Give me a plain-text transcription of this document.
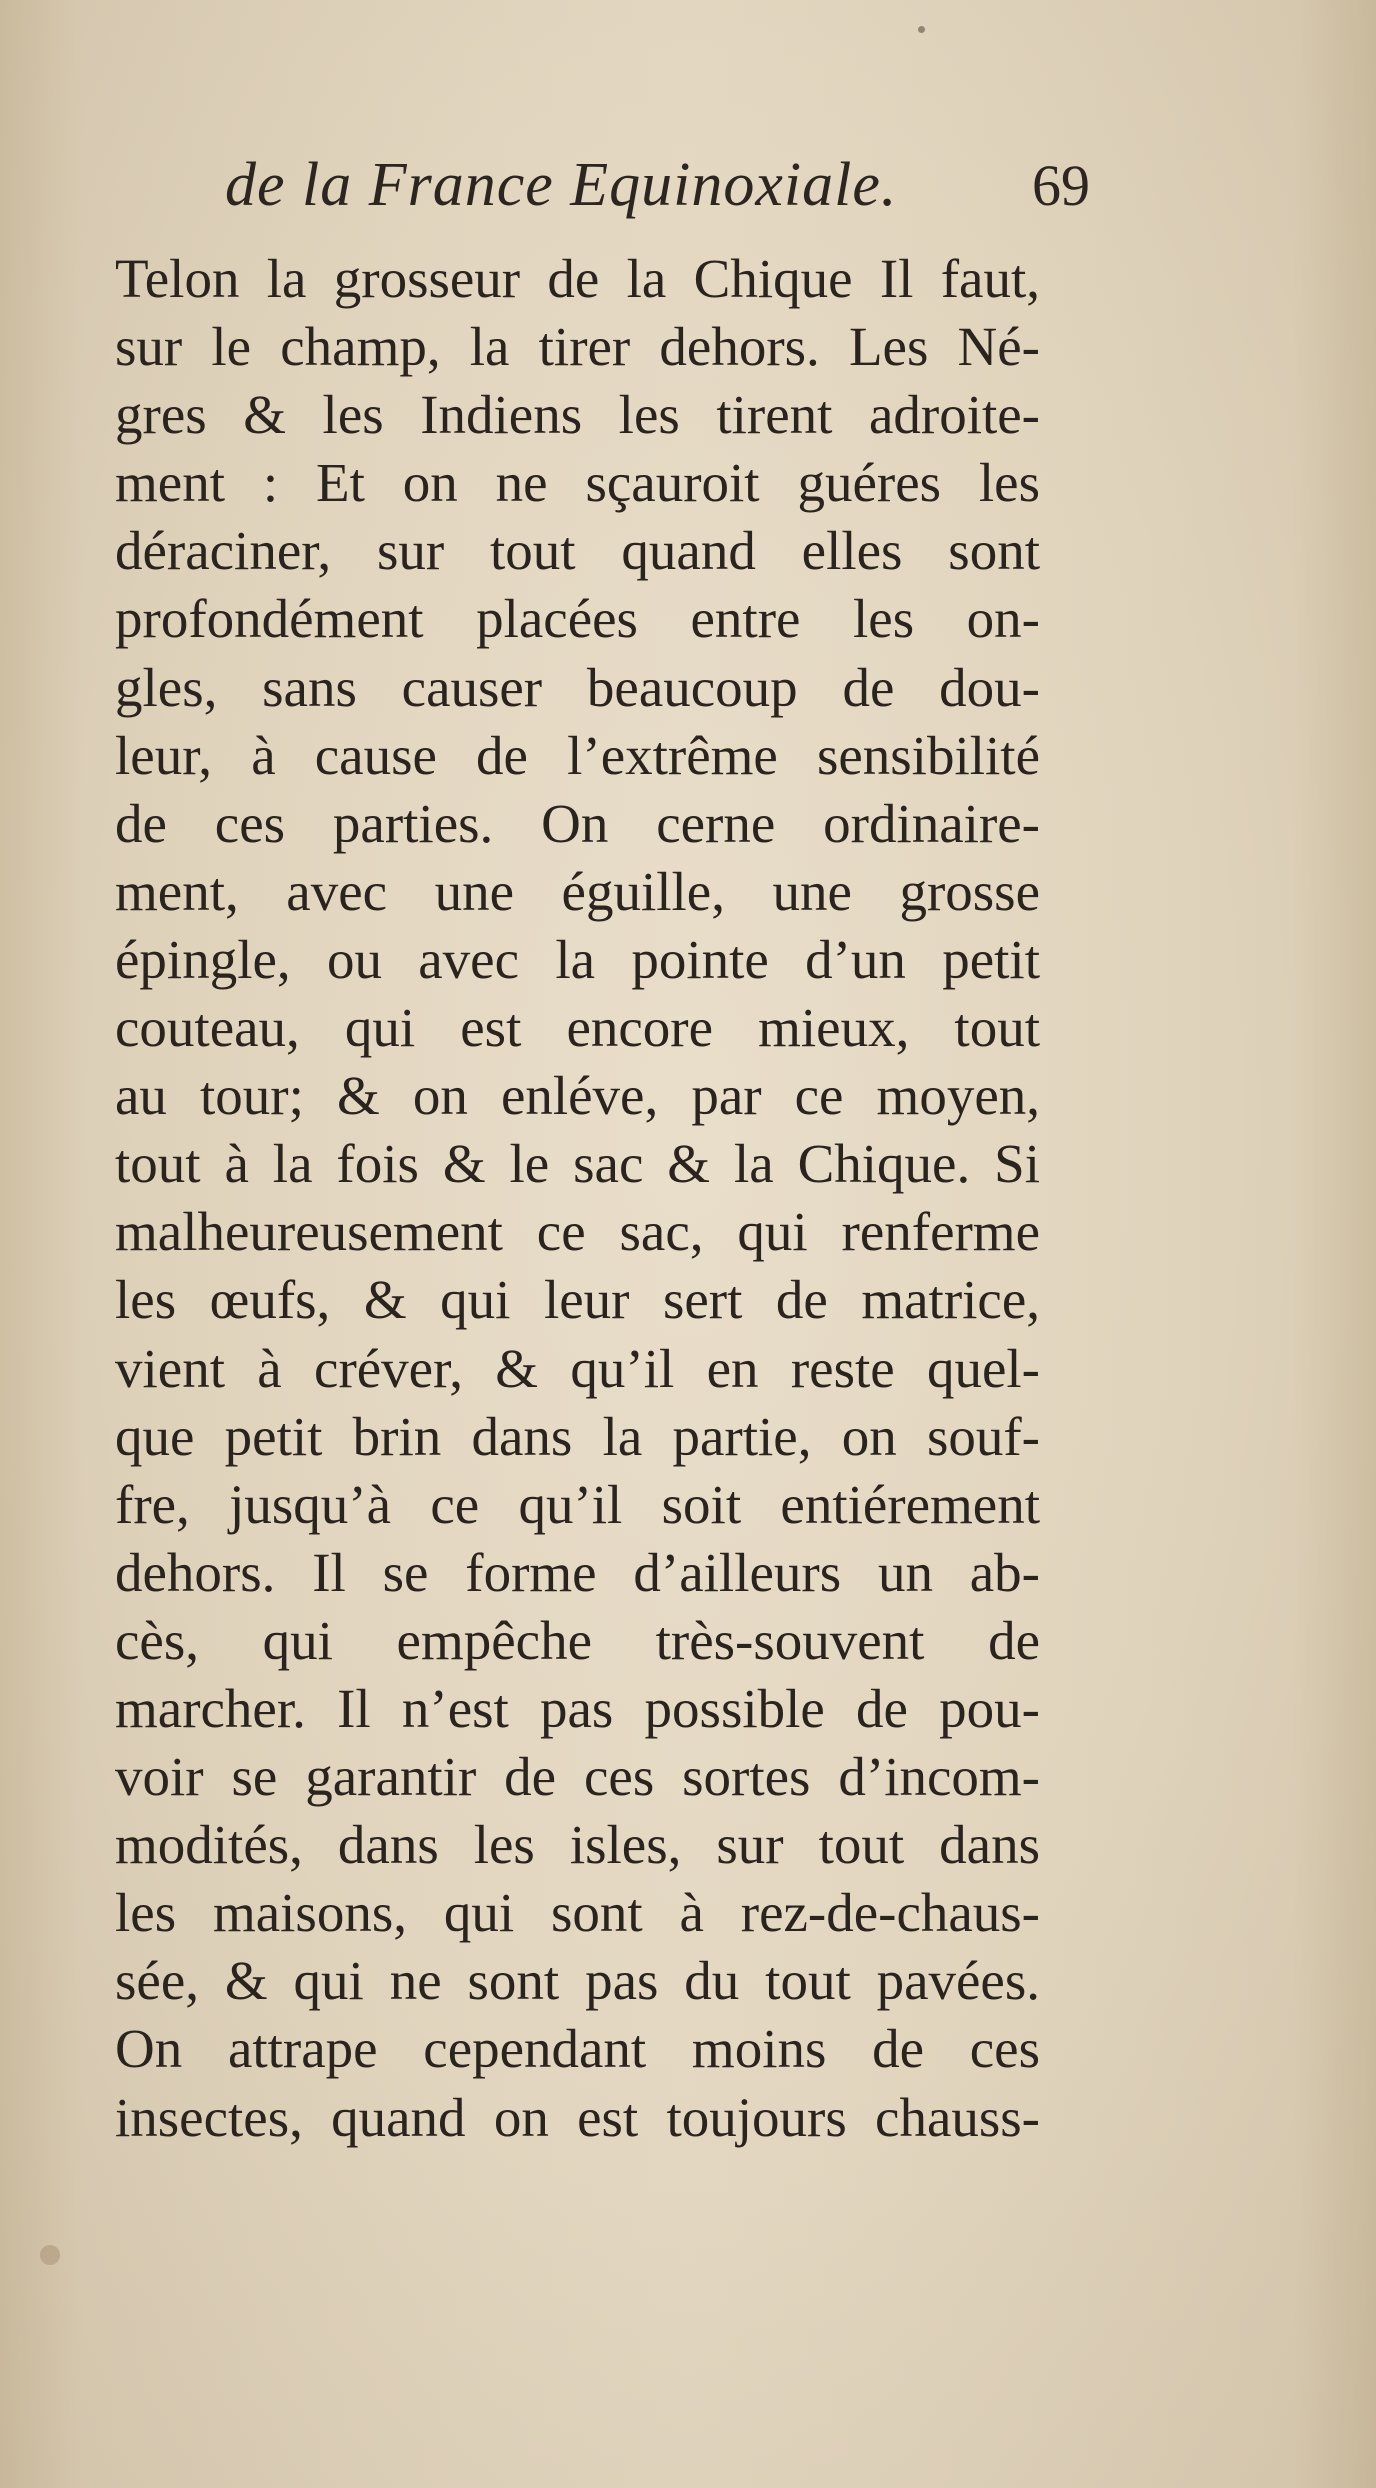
de la France Equinoxiale. 69
Telon la grosseur de la Chique Il faut,
sur le champ, la tirer dehors. Les Né-
gres & les Indiens les tirent adroite-
ment : Et on ne sçauroit guéres les
déraciner, sur tout quand elles sont
profondément placées entre les on-
gles, sans causer beaucoup de dou-
leur, à cause de l’extrême sensibilité
de ces parties. On cerne ordinaire-
ment, avec une éguille, une grosse
épingle, ou avec la pointe d’un petit
couteau, qui est encore mieux, tout
au tour; & on enléve, par ce moyen,
tout à la fois & le sac & la Chique. Si
malheureusement ce sac, qui renferme
les œufs, & qui leur sert de matrice,
vient à créver, & qu’il en reste quel-
que petit brin dans la partie, on souf-
fre, jusqu’à ce qu’il soit entiérement
dehors. Il se forme d’ailleurs un ab-
cès, qui empêche très-souvent de
marcher. Il n’est pas possible de pou-
voir se garantir de ces sortes d’incom-
modités, dans les isles, sur tout dans
les maisons, qui sont à rez-de-chaus-
sée, & qui ne sont pas du tout pavées.
On attrape cependant moins de ces
insectes, quand on est toujours chauss-
